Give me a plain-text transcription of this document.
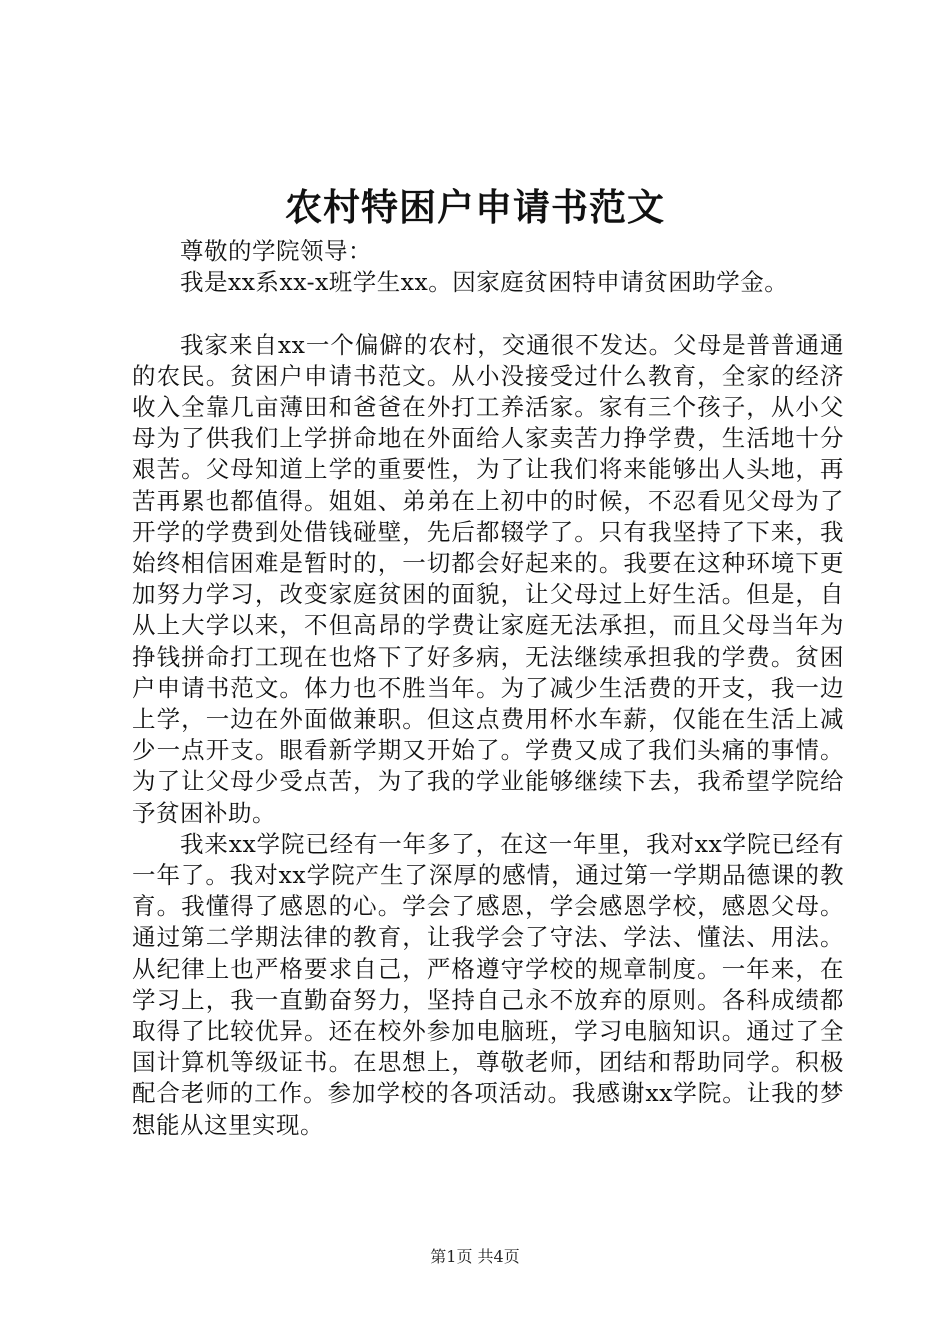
农村特困户申请书范文

尊敬的学院领导：

我是xx系xx-x班学生xx。因家庭贫困特申请贫困助学金。

我家来自xx一个偏僻的农村，交通很不发达。父母是普普通通的农民。贫困户申请书范文。从小没接受过什么教育，全家的经济收入全靠几亩薄田和爸爸在外打工养活家。家有三个孩子，从小父母为了供我们上学拼命地在外面给人家卖苦力挣学费，生活地十分艰苦。父母知道上学的重要性，为了让我们将来能够出人头地，再苦再累也都值得。姐姐、弟弟在上初中的时候，不忍看见父母为了开学的学费到处借钱碰壁，先后都辍学了。只有我坚持了下来，我始终相信困难是暂时的，一切都会好起来的。我要在这种环境下更加努力学习，改变家庭贫困的面貌，让父母过上好生活。但是，自从上大学以来，不但高昂的学费让家庭无法承担，而且父母当年为挣钱拼命打工现在也烙下了好多病，无法继续承担我的学费。贫困户申请书范文。体力也不胜当年。为了减少生活费的开支，我一边上学，一边在外面做兼职。但这点费用杯水车薪，仅能在生活上减少一点开支。眼看新学期又开始了。学费又成了我们头痛的事情。为了让父母少受点苦，为了我的学业能够继续下去，我希望学院给予贫困补助。

我来xx学院已经有一年多了，在这一年里，我对xx学院已经有一年了。我对xx学院产生了深厚的感情，通过第一学期品德课的教育。我懂得了感恩的心。学会了感恩，学会感恩学校，感恩父母。通过第二学期法律的教育，让我学会了守法、学法、懂法、用法。从纪律上也严格要求自己，严格遵守学校的规章制度。一年来，在学习上，我一直勤奋努力，坚持自己永不放弃的原则。各科成绩都取得了比较优异。还在校外参加电脑班，学习电脑知识。通过了全国计算机等级证书。在思想上，尊敬老师，团结和帮助同学。积极配合老师的工作。参加学校的各项活动。我感谢xx学院。让我的梦想能从这里实现。

第1页 共4页
